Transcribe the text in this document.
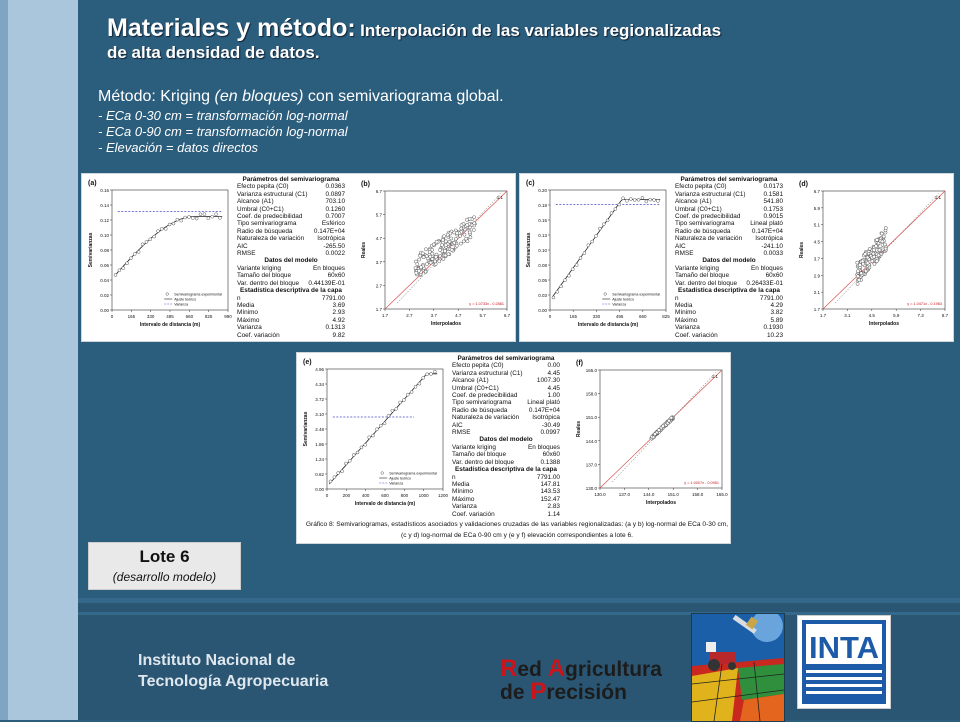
Materiales y método: Interpolación de las variables regionalizadas
de alta densidad de datos.
Método: Kriging (en bloques) con semivariograma global.
- ECa 0-30 cm = transformación log-normal
- ECa 0-90 cm = transformación log-normal
- Elevación = datos directos
(a)
0.16
0.14
0.12
0.10
0.08
0.06
0.04
0.02
0.00
0	165	330	495	660	825	990
Intervalo de distancia (m)
Semivarianzas
Semivariograma experimental
Ajuste teórico
Varianza
Parámetros del semivariograma
Efecto pepita (C0)	0.0363
Varianza estructural (C1)	0.0897
Alcance (A1)	703.10
Umbral (C0+C1)	0.1260
Coef. de predecibilidad	0.7007
Tipo semivariograma	Esférico
Radio de búsqueda	0.147E+04
Naturaleza de variación Isotrópica
AIC	-265.50
RMSE	0.0022
Datos del modelo
Variante kriging	En bloques
Tamaño del bloque	60x60
Var. dentro del bloque 0.44139E-01
Estadística descriptiva de la capa
n	7791.00
Media	3.69
Mínimo	2.93
Máximo	4.92
Varianza	0.1313
Coef. variación	9.82
(b)
6.7
5.7
4.7
3.7
2.7
1.7
1.7	2.7	3.7	4.7	5.7	6.7
Interpolados
Reales
1:1
y = 1.0733x - 0.2881
(c)
0.20
0.18
0.15
0.13
0.10
0.08
0.05
0.03
0.00
0	165	330	495	660	825
Intervalo de distancia (m)
Semivarianzas
Semivariograma experimental
Ajuste teórico
Varianza
Parámetros del semivariograma
Efecto pepita (C0)	0.0173
Varianza estructural (C1)	0.1581
Alcance (A1)	541.80
Umbral (C0+C1)	0.1753
Coef. de predecibilidad	0.9015
Tipo semivariograma Lineal plató
Radio de búsqueda	0.147E+04
Naturaleza de variación Isotrópica
AIC	-241.10
RMSE	0.0033
Datos del modelo
Variante kriging	En bloques
Tamaño del bloque	60x60
Var. dentro del bloque 0.26433E-01
Estadística descriptiva de la capa
n	7791.00
Media	4.29
Mínimo	3.82
Máximo	5.89
Varianza	0.1930
Coef. variación	10.23
(d)
6.7
5.9
5.1
4.5
3.7
2.9
2.1
1.7
1.7	3.1	4.5	5.9	7.3	8.7
Interpolados
Reales
1:1
y = 1.0471x - 0.1983
(e)
4.96
4.34
3.72
3.10
2.48
1.86
1.24
0.62
0.00
0	200	400	600	800 1000 1200
Intervalo de distancia (m)
Semivarianzas
Semivariograma experimental
Ajuste teórico
Varianza
Parámetros del semivariograma
Efecto pepita (C0)	0.00
Varianza estructural (C1)	4.45
Alcance (A1)	1007.30
Umbral (C0+C1)	4.45
Coef. de predecibilidad	1.00
Tipo semivariograma Lineal plató
Radio de búsqueda	0.147E+04
Naturaleza de variación Isotrópica
AIC	-30.49
RMSE	0.0997
Datos del modelo
Variante kriging	En bloques
Tamaño del bloque	60x60
Var. dentro del bloque	0.1388
Estadística descriptiva de la capa
n	7791.00
Media	147.81
Mínimo	143.53
Máximo	152.47
Varianza	2.83
Coef. variación	1.14
(f)
165.0
158.0
151.0
144.0
137.0
130.0
130.0	137.0	144.0	151.0	158.0	165.0
Interpolados
Reales
1:1
y = 1.0007x - 0.0951
Gráfico 8: Semivariogramas, estadísticos asociados y validaciones cruzadas de las variables regionalizadas: (a y b) log-normal de ECa 0-30 cm, (c y d) log-normal de ECa 0-90 cm y (e y f) elevación correspondientes a lote 6.
Lote 6
(desarrollo modelo)
Instituto Nacional de
Tecnología Agropecuaria	Red Agricultura
de Precisión
INTA
